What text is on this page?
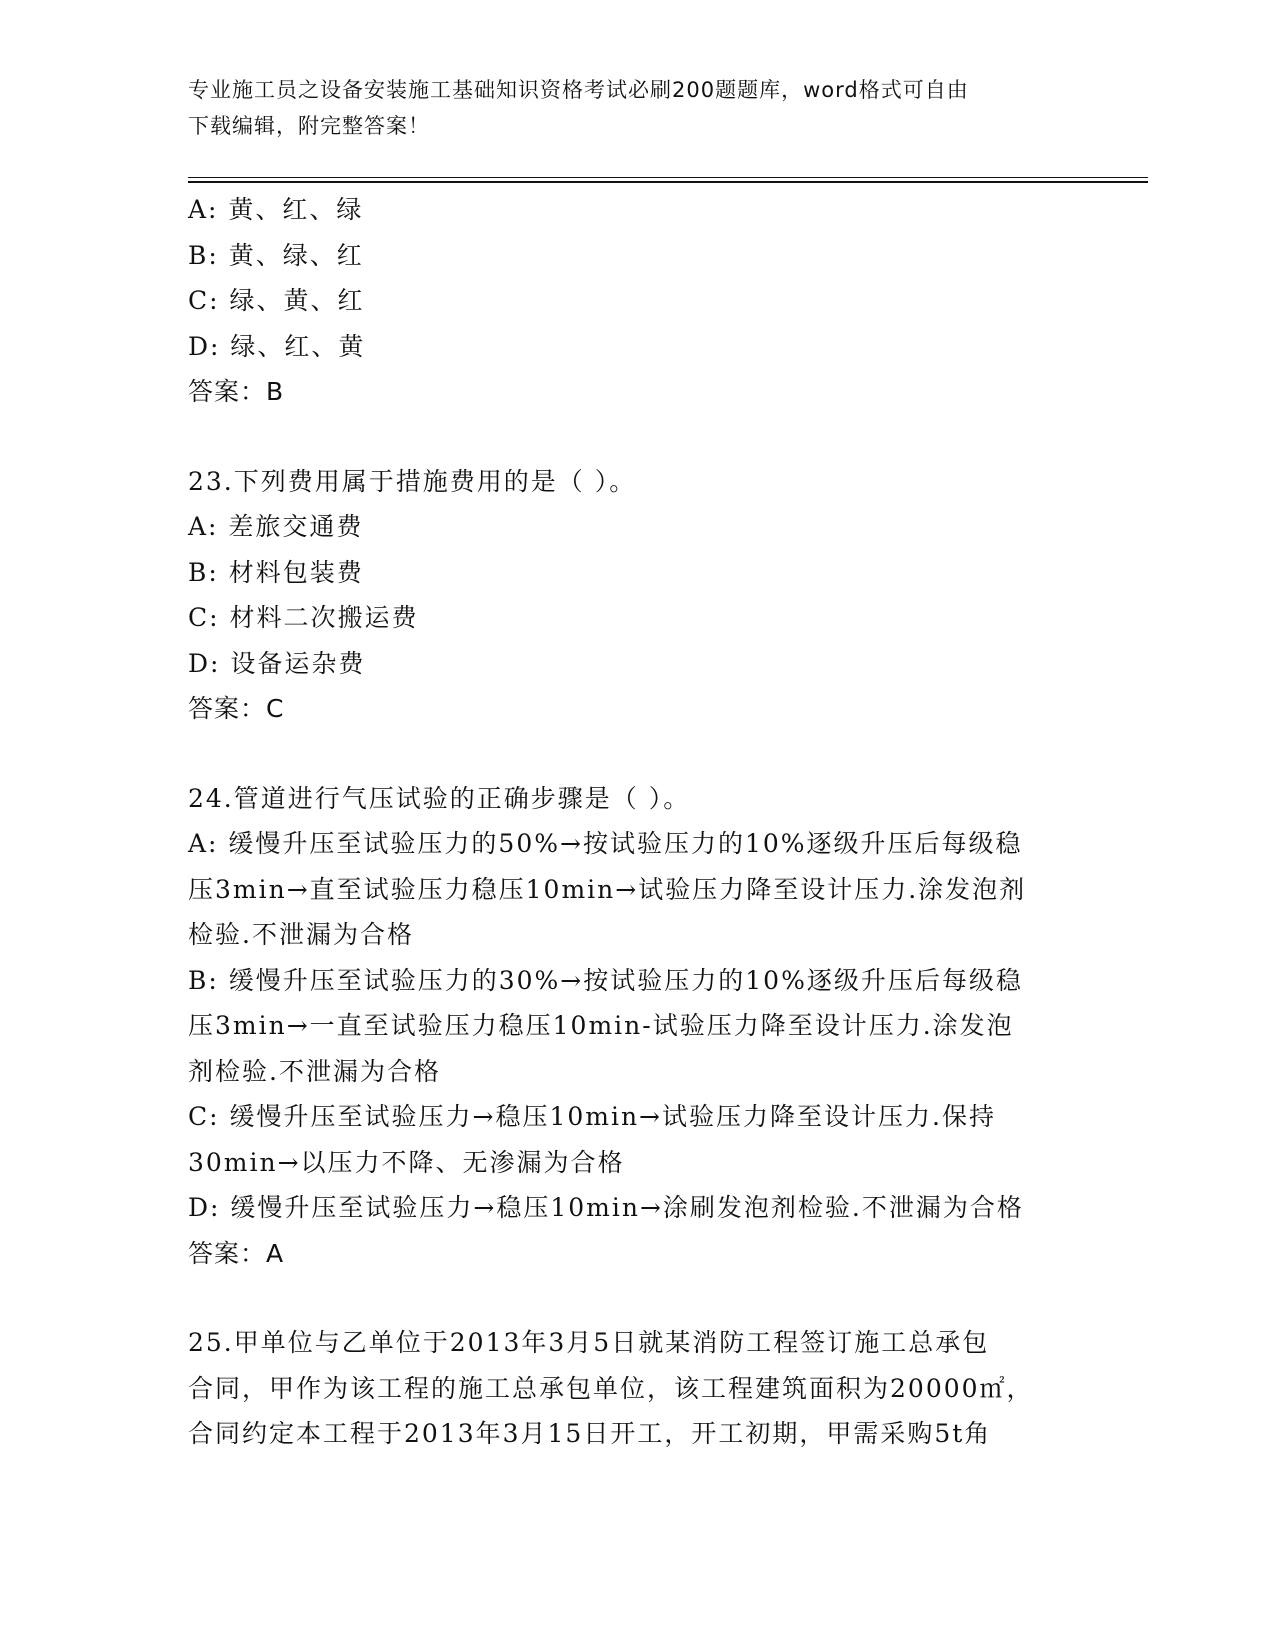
专业施工员之设备安装施工基础知识资格考试必刷200题题库，word格式可自由
下载编辑，附完整答案！
A: 黄、红、绿
B: 黄、绿、红
C: 绿、黄、红
D: 绿、红、黄
答案：B
23.下列费用属于措施费用的是（ ）。
A: 差旅交通费
B: 材料包装费
C: 材料二次搬运费
D: 设备运杂费
答案：C
24.管道进行气压试验的正确步骤是（ ）。
A: 缓慢升压至试验压力的50%→按试验压力的10%逐级升压后每级稳
压3min→直至试验压力稳压10min→试验压力降至设计压力.涂发泡剂
检验.不泄漏为合格
B: 缓慢升压至试验压力的30%→按试验压力的10%逐级升压后每级稳
压3min→一直至试验压力稳压10min-试验压力降至设计压力.涂发泡
剂检验.不泄漏为合格
C: 缓慢升压至试验压力→稳压10min→试验压力降至设计压力.保持
30min→以压力不降、无渗漏为合格
D: 缓慢升压至试验压力→稳压10min→涂刷发泡剂检验.不泄漏为合格
答案：A
25.甲单位与乙单位于2013年3月5日就某消防工程签订施工总承包
合同，甲作为该工程的施工总承包单位，该工程建筑面积为20000㎡，
合同约定本工程于2013年3月15日开工，开工初期，甲需采购5t角
